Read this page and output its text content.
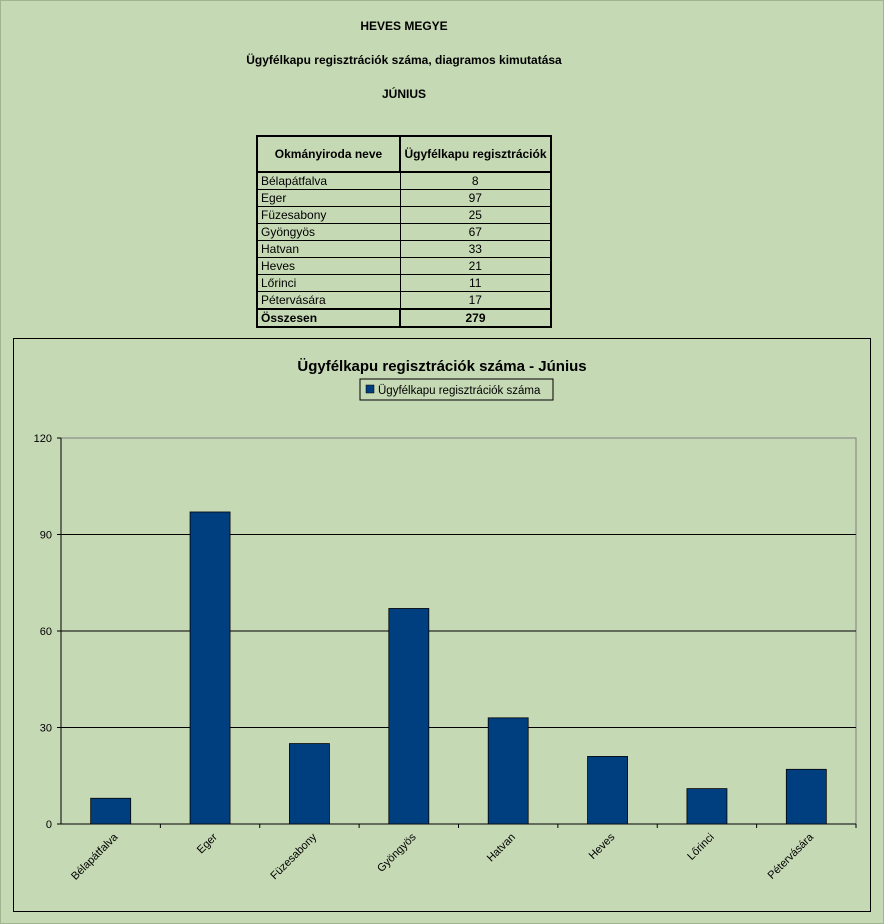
HEVES MEGYE
Ügyfélkapu regisztrációk száma, diagramos kimutatása
JÚNIUS
Okmányiroda neve	Ügyfélkapu regisztrációk
Bélapátfalva	8
Eger	97
Füzesabony	25
Gyöngyös	67
Hatvan	33
Heves	21
Lőrinci	11
Pétervására	17
Összesen	279
Ügyfélkapu regisztrációk száma - Június
Ügyfélkapu regisztrációk száma
0
30
60
90
120
Bélapátfalva	Eger	Füzesabony	Gyöngyös	Hatvan	Heves	Lőrinci	Pétervására
